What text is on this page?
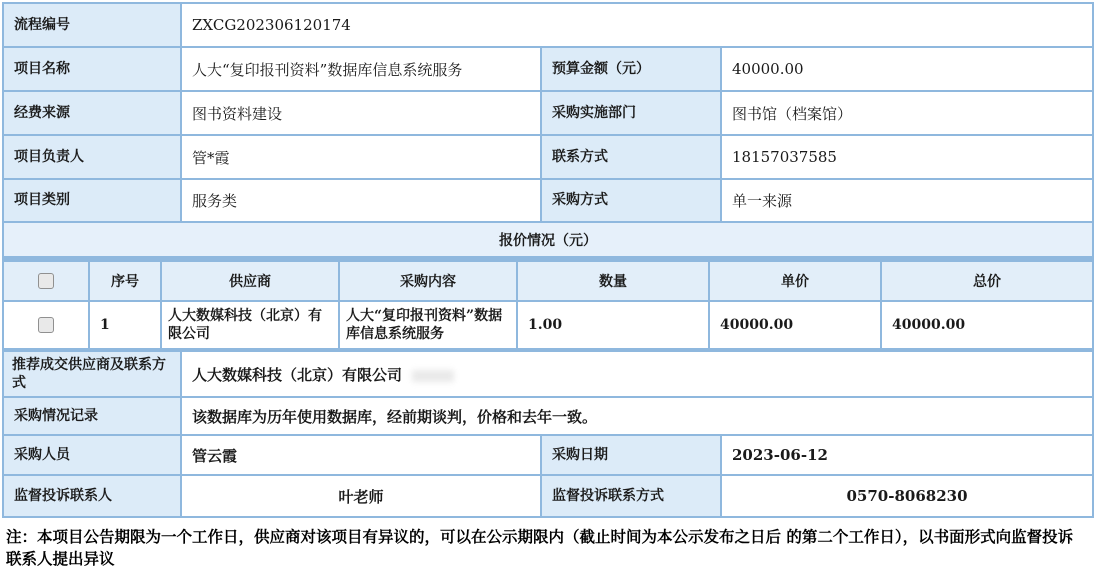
流程编号	ZXCG202306120174		
项目名称	人大“复印报刊资料”数据库信息系统服务	预算金额（元）	40000.00
经费来源	图书资料建设	采购实施部门	图书馆（档案馆）
项目负责人	管*霞	联系方式	18157037585
项目类别	服务类	采购方式	单一来源
报价情况（元）			
	序号	供应商	采购内容	数量	单价	总价
	1	人大数媒科技（北京）有限公司	人大“复印报刊资料”数据库信息系统服务	1.00	40000.00	40000.00
推荐成交供应商及联系方式	人大数媒科技（北京）有限公司		
采购情况记录	该数据库为历年使用数据库，经前期谈判，价格和去年一致。		
采购人员	管云霞	采购日期	2023-06-12
监督投诉联系人	叶老师	监督投诉联系方式	0570-8068230
注：本项目公告期限为一个工作日，供应商对该项目有异议的，可以在公示期限内（截止时间为本公示发布之日后 的第二个工作日），以书面形式向监督投诉联系人提出异议
